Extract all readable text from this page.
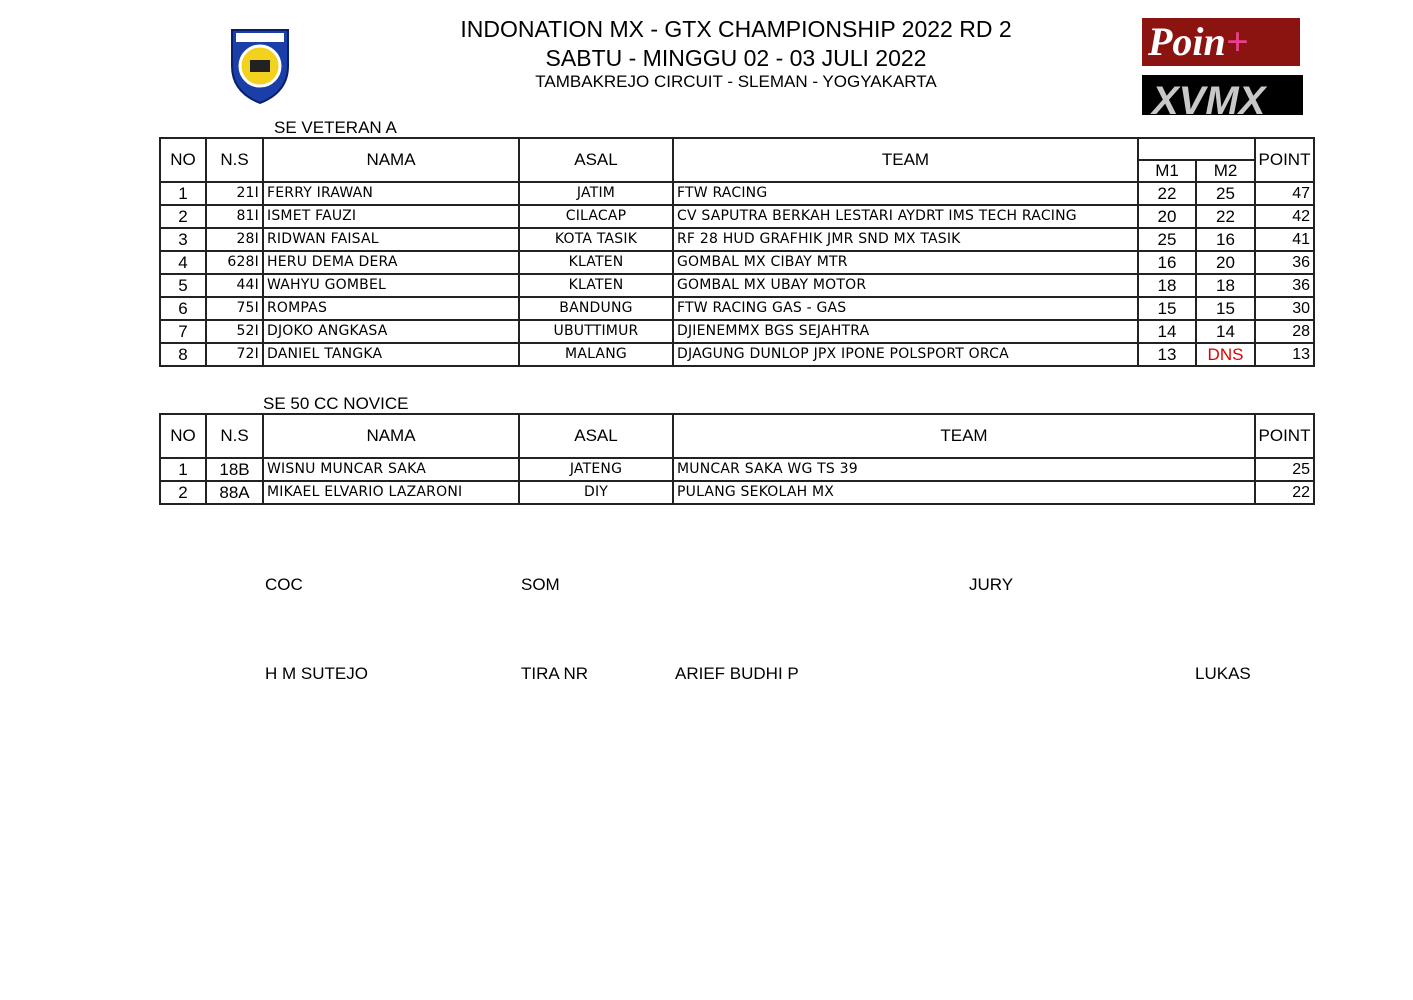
INDONATION MX - GTX CHAMPIONSHIP 2022 RD 2
SABTU - MINGGU 02 - 03 JULI 2022
TAMBAKREJO CIRCUIT - SLEMAN - YOGYAKARTA
Poin+
XVMX
SE VETERAN A
NO	N.S	NAMA	ASAL	TEAM			POINT
					M1	M2	
1	21I	FERRY IRAWAN	JATIM	FTW RACING	22	25	47
2	81I	ISMET FAUZI	CILACAP	CV SAPUTRA BERKAH LESTARI AYDRT IMS TECH RACING	20	22	42
3	28I	RIDWAN FAISAL	KOTA TASIK	RF 28 HUD GRAFHIK JMR SND MX TASIK	25	16	41
4	628I	HERU DEMA DERA	KLATEN	GOMBAL MX CIBAY MTR	16	20	36
5	44I	WAHYU GOMBEL	KLATEN	GOMBAL MX UBAY MOTOR	18	18	36
6	75I	ROMPAS	BANDUNG	FTW RACING GAS - GAS	15	15	30
7	52I	DJOKO ANGKASA	UBUTTIMUR	DJIENEMMX BGS SEJAHTRA	14	14	28
8	72I	DANIEL TANGKA	MALANG	DJAGUNG DUNLOP JPX IPONE POLSPORT ORCA	13	DNS	13
SE 50 CC NOVICE
NO	N.S	NAMA	ASAL	TEAM	POINT
1	18B	WISNU MUNCAR SAKA	JATENG	MUNCAR SAKA WG TS 39	25
2	88A	MIKAEL ELVARIO LAZARONI	DIY	PULANG SEKOLAH MX	22
COC	SOM	JURY
H M SUTEJO	TIRA NR	ARIEF BUDHI P	LUKAS
